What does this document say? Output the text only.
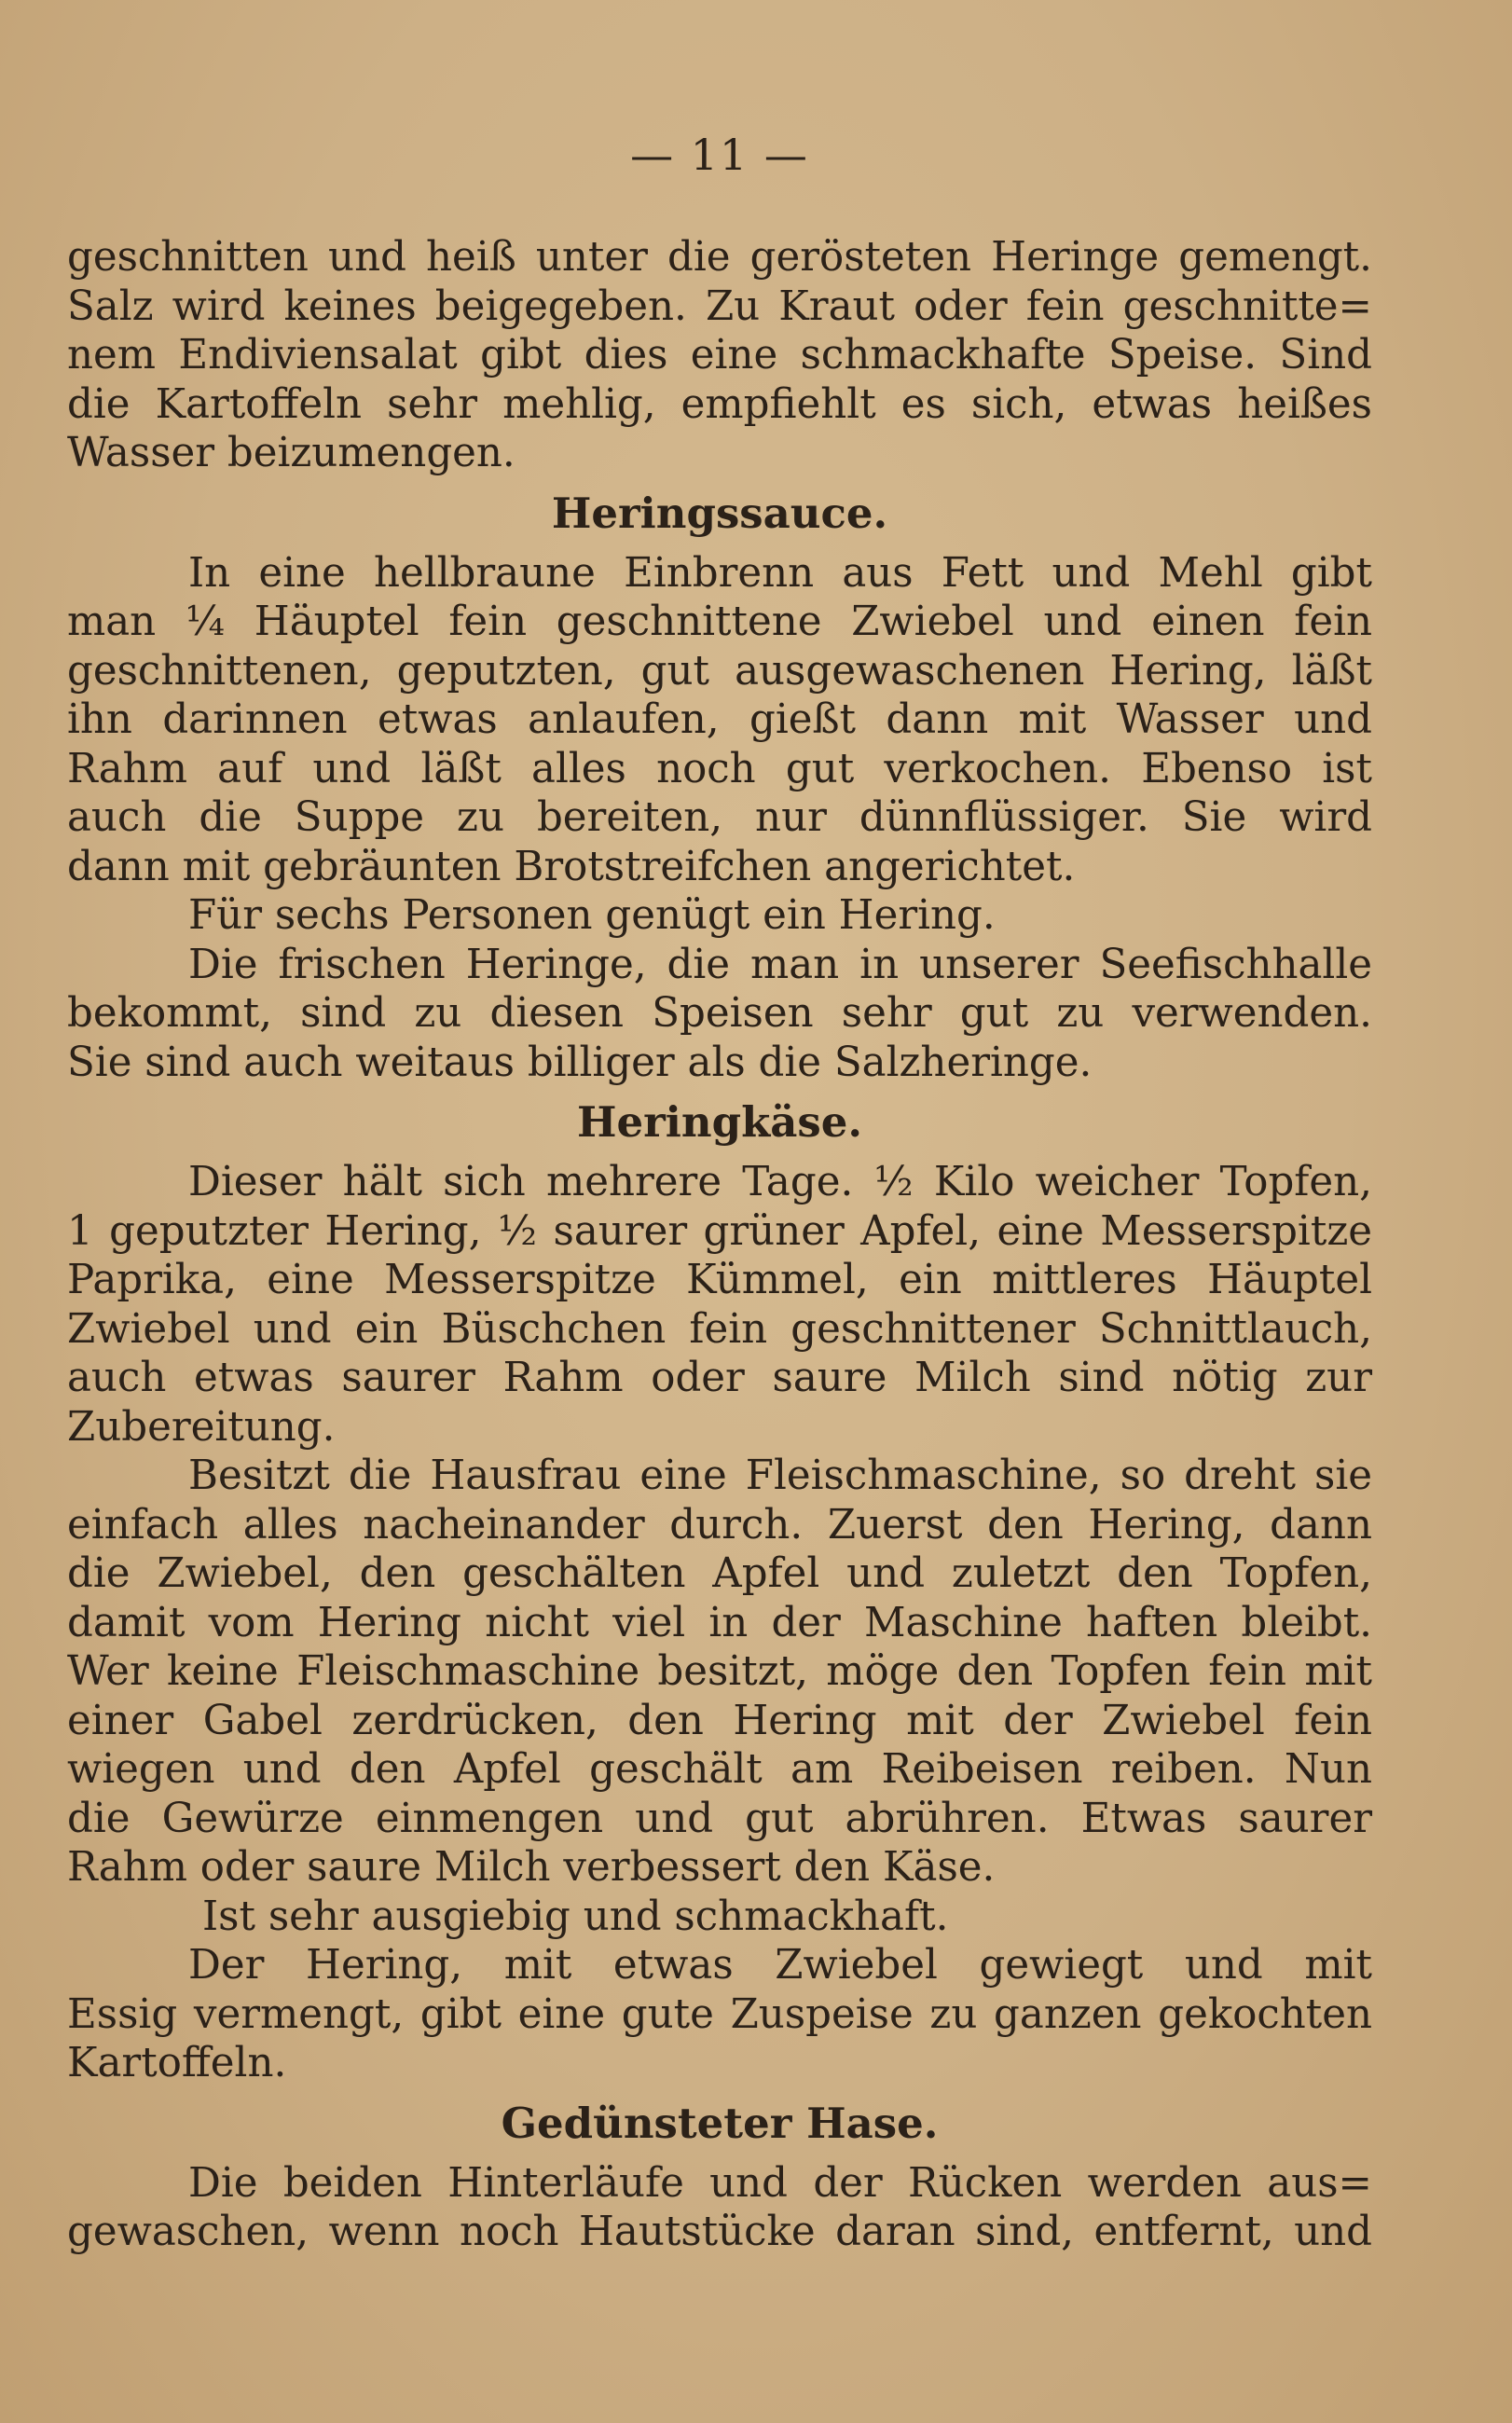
— 11 —
geschnitten und heiß unter die gerösteten Heringe gemengt.
Salz wird keines beigegeben. Zu Kraut oder fein geschnitte=
nem Endiviensalat gibt dies eine schmackhafte Speise. Sind
die Kartoffeln sehr mehlig, empfiehlt es sich, etwas heißes
Wasser beizumengen.
Heringssauce.
In eine hellbraune Einbrenn aus Fett und Mehl gibt
man ¼ Häuptel fein geschnittene Zwiebel und einen fein
geschnittenen, geputzten, gut ausgewaschenen Hering, läßt
ihn darinnen etwas anlaufen, gießt dann mit Wasser und
Rahm auf und läßt alles noch gut verkochen. Ebenso ist
auch die Suppe zu bereiten, nur dünnflüssiger. Sie wird
dann mit gebräunten Brotstreifchen angerichtet.
Für sechs Personen genügt ein Hering.
Die frischen Heringe, die man in unserer Seefischhalle
bekommt, sind zu diesen Speisen sehr gut zu verwenden.
Sie sind auch weitaus billiger als die Salzheringe.
Heringkäse.
Dieser hält sich mehrere Tage. ½ Kilo weicher Topfen,
1 geputzter Hering, ½ saurer grüner Apfel, eine Messerspitze
Paprika, eine Messerspitze Kümmel, ein mittleres Häuptel
Zwiebel und ein Büschchen fein geschnittener Schnittlauch,
auch etwas saurer Rahm oder saure Milch sind nötig zur
Zubereitung.
Besitzt die Hausfrau eine Fleischmaschine, so dreht sie
einfach alles nacheinander durch. Zuerst den Hering, dann
die Zwiebel, den geschälten Apfel und zuletzt den Topfen,
damit vom Hering nicht viel in der Maschine haften bleibt.
Wer keine Fleischmaschine besitzt, möge den Topfen fein mit
einer Gabel zerdrücken, den Hering mit der Zwiebel fein
wiegen und den Apfel geschält am Reibeisen reiben. Nun
die Gewürze einmengen und gut abrühren. Etwas saurer
Rahm oder saure Milch verbessert den Käse.
Ist sehr ausgiebig und schmackhaft.
Der Hering, mit etwas Zwiebel gewiegt und mit
Essig vermengt, gibt eine gute Zuspeise zu ganzen gekochten
Kartoffeln.
Gedünsteter Hase.
Die beiden Hinterläufe und der Rücken werden aus=
gewaschen, wenn noch Hautstücke daran sind, entfernt, und
